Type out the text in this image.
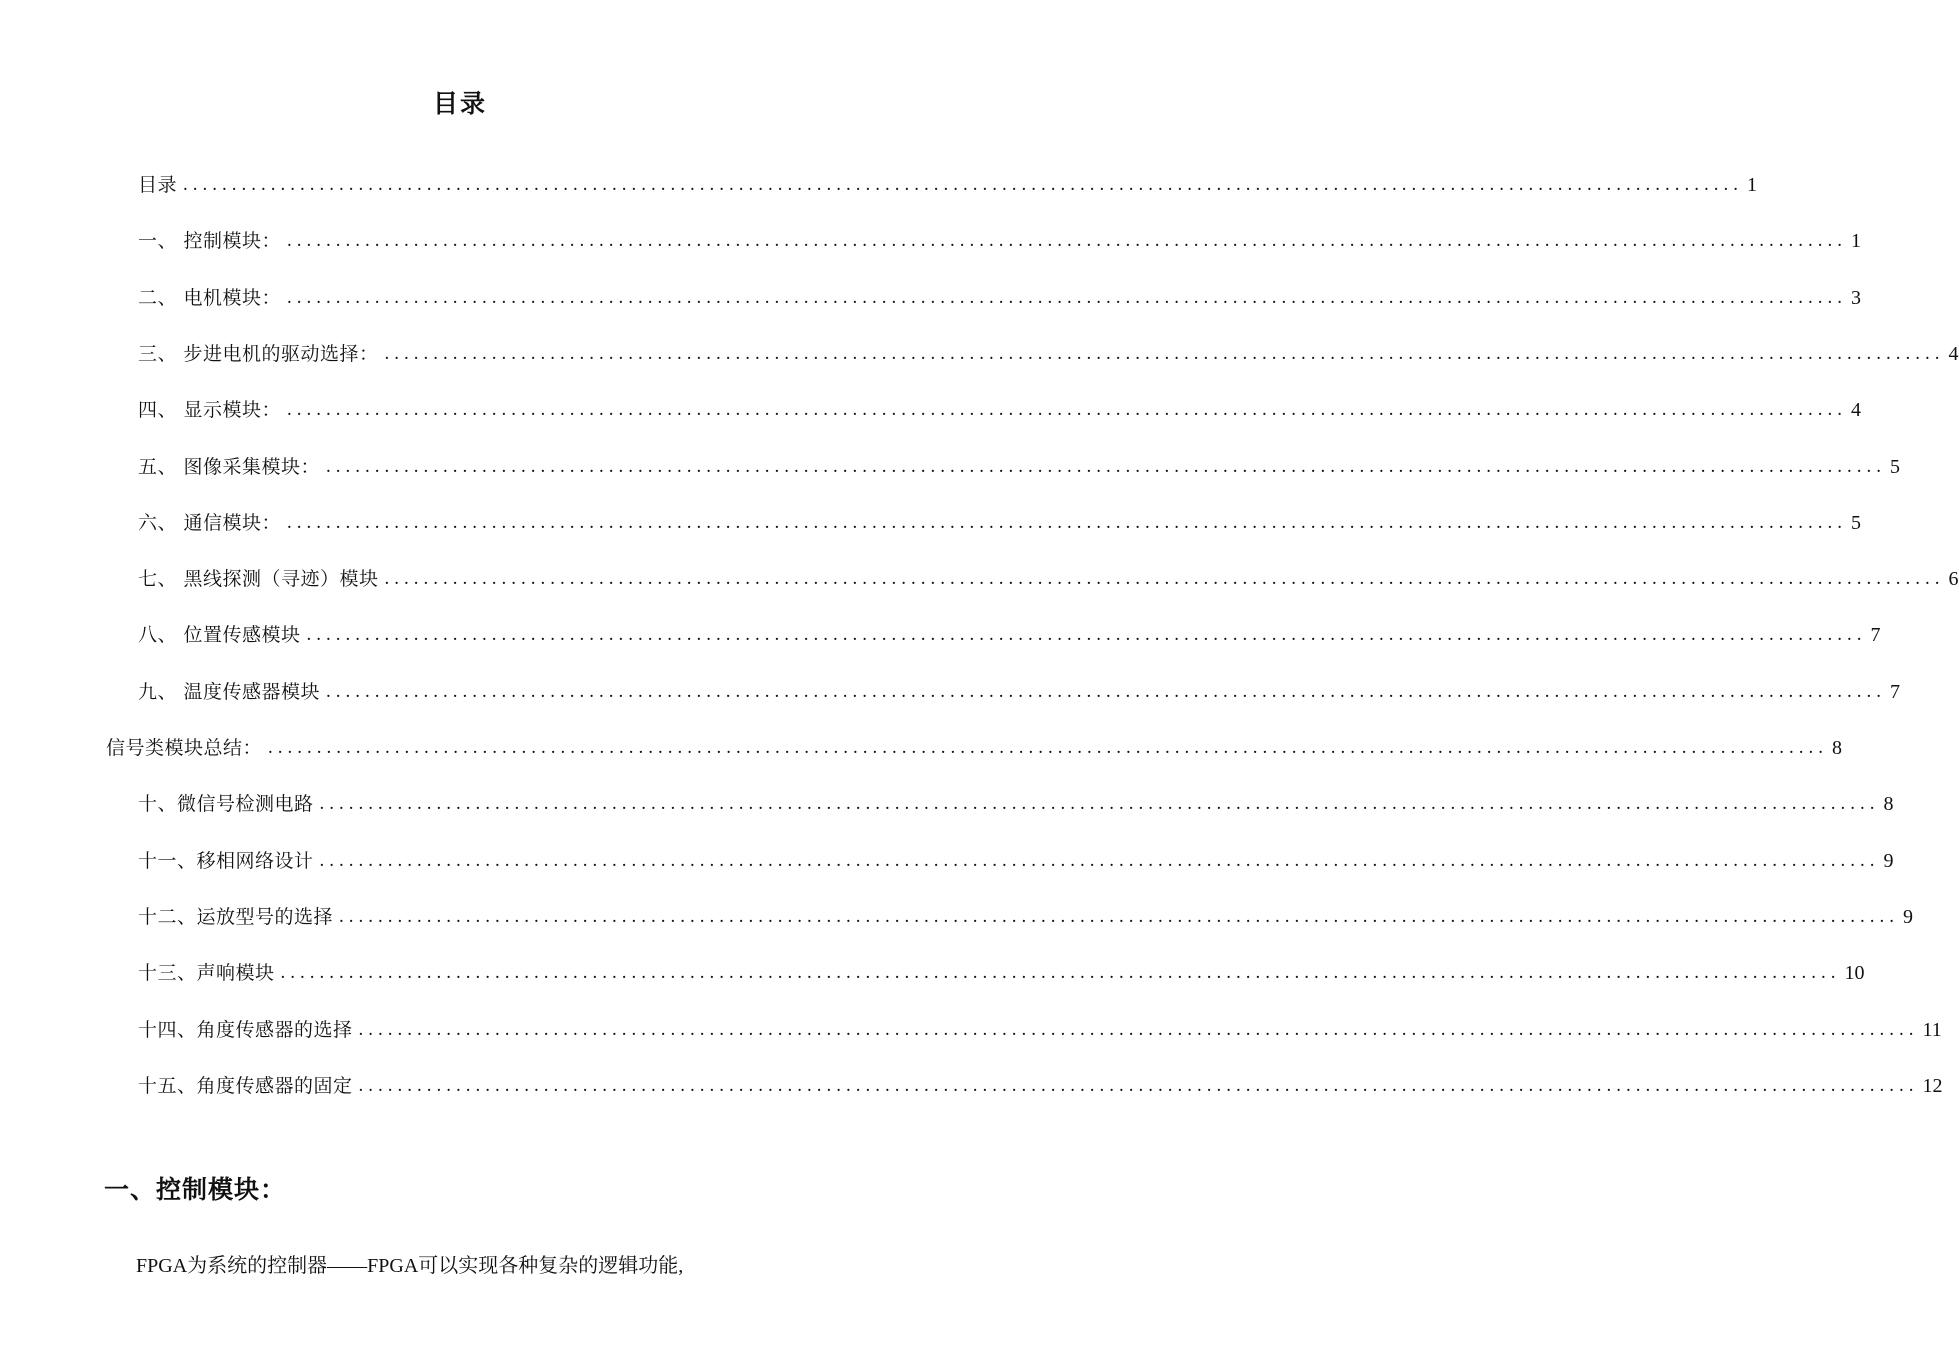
目录
目录 ................................................................................................................................................................ 1
一、 控制模块： ................................................................................................................................................................ 1
二、 电机模块： ................................................................................................................................................................ 3
三、 步进电机的驱动选择： ................................................................................................................................................................ 4
四、 显示模块： ................................................................................................................................................................ 4
五、 图像采集模块： ................................................................................................................................................................ 5
六、 通信模块： ................................................................................................................................................................ 5
七、 黑线探测（寻迹）模块 ................................................................................................................................................................ 6
八、 位置传感模块 ................................................................................................................................................................ 7
九、 温度传感器模块 ................................................................................................................................................................ 7
信号类模块总结： ................................................................................................................................................................ 8
十、微信号检测电路 ................................................................................................................................................................ 8
十一、移相网络设计 ................................................................................................................................................................ 9
十二、运放型号的选择 ................................................................................................................................................................ 9
十三、声响模块 ................................................................................................................................................................ 10
十四、角度传感器的选择 ................................................................................................................................................................ 11
十五、角度传感器的固定 ................................................................................................................................................................ 12
一、控制模块：
FPGA为系统的控制器——FPGA可以实现各种复杂的逻辑功能,
